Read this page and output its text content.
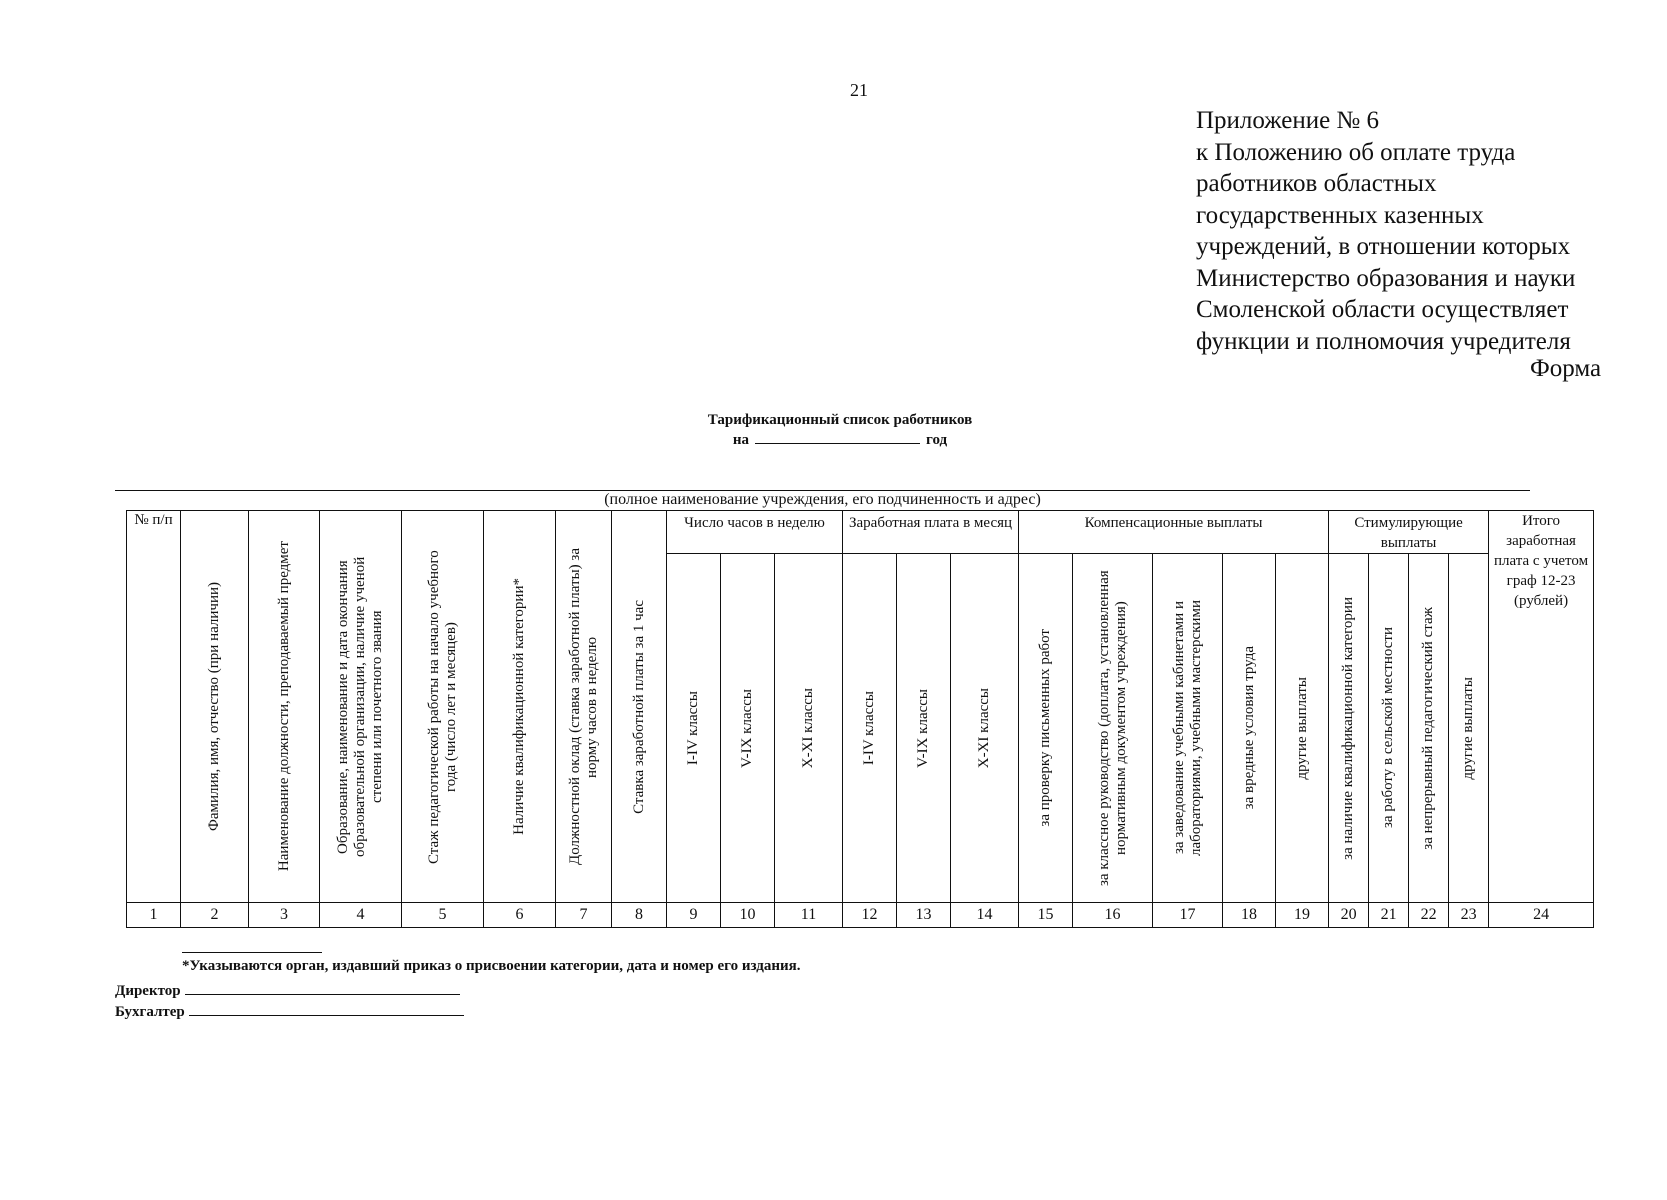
21
Приложение № 6
к Положению об оплате труда
работников областных
государственных казенных
учреждений, в отношении которых
Министерство образования и науки
Смоленской области осуществляет
функции и полномочия учредителя
Форма
Тарификационный список работников
на	год
(полное наименование учреждения, его подчиненность и адрес)
№ п/п	Фамилия, имя, отчество (при наличии)	Наименование должности, преподаваемый предмет	Образование, наименование и дата окончания образовательной организации, наличие ученой степени или почетного звания	Стаж педагогической работы на начало учебного года (число лет и месяцев)	Наличие квалификационной категории*	Должностной оклад (ставка заработной платы) за норму часов в неделю	Ставка заработной платы за 1 час	Число часов в неделю			Заработная плата в месяц			Компенсационные выплаты					Стимулирующие выплаты				Итого заработная плата с учетом граф 12-23 (рублей)

								I-IV классы	V-IX классы	X-XI классы	I-IV классы	V-IX классы	X-XI классы	за проверку письменных работ	за классное руководство (доплата, установленная нормативным документом учреждения)	за заведование учебными кабинетами и лабораториями, учебными мастерскими	за вредные условия труда	другие выплаты	за наличие квалификационной категории	за работу в сельской местности	за непрерывный педагогический стаж	другие выплаты	

1	2	3	4	5	6	7	8	9	10	11	12	13	14	15	16	17	18	19	20	21	22	23	24
*Указываются орган, издавший приказ о присвоении категории, дата и номер его издания.
Директор
Бухгалтер
